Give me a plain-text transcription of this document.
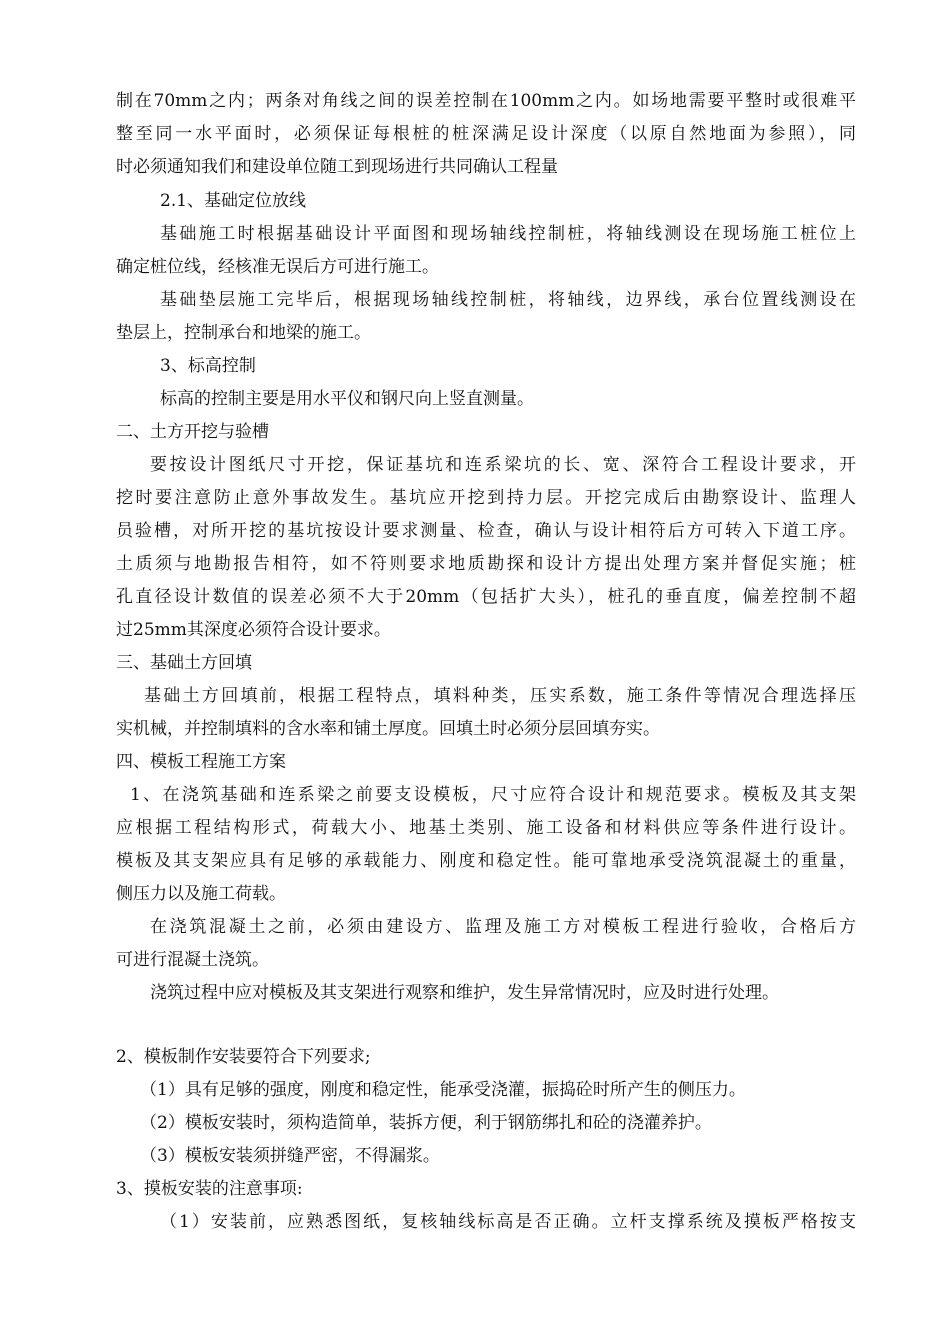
制在70mm之内；两条对角线之间的误差控制在100mm之内。如场地需要平整时或很难平
整至同一水平面时，必须保证每根桩的桩深满足设计深度（以原自然地面为参照），同
时必须通知我们和建设单位随工到现场进行共同确认工程量
2.1、基础定位放线
基础施工时根据基础设计平面图和现场轴线控制桩，将轴线测设在现场施工桩位上
确定桩位线，经核准无误后方可进行施工。
基础垫层施工完毕后，根据现场轴线控制桩，将轴线，边界线，承台位置线测设在
垫层上，控制承台和地梁的施工。
3、标高控制
标高的控制主要是用水平仪和钢尺向上竖直测量。
二、土方开挖与验槽
要按设计图纸尺寸开挖，保证基坑和连系梁坑的长、宽、深符合工程设计要求，开
挖时要注意防止意外事故发生。基坑应开挖到持力层。开挖完成后由勘察设计、监理人
员验槽，对所开挖的基坑按设计要求测量、检查，确认与设计相符后方可转入下道工序。
土质须与地勘报告相符，如不符则要求地质勘探和设计方提出处理方案并督促实施；桩
孔直径设计数值的误差必须不大于20mm（包括扩大头），桩孔的垂直度，偏差控制不超
过25mm其深度必须符合设计要求。
三、基础土方回填
基础土方回填前，根据工程特点，填料种类，压实系数，施工条件等情况合理选择压
实机械，并控制填料的含水率和铺土厚度。回填土时必须分层回填夯实。
四、模板工程施工方案
1、在浇筑基础和连系梁之前要支设模板，尺寸应符合设计和规范要求。模板及其支架
应根据工程结构形式，荷载大小、地基土类别、施工设备和材料供应等条件进行设计。
模板及其支架应具有足够的承载能力、刚度和稳定性。能可靠地承受浇筑混凝土的重量，
侧压力以及施工荷载。
在浇筑混凝土之前，必须由建设方、监理及施工方对模板工程进行验收，合格后方
可进行混凝土浇筑。
浇筑过程中应对模板及其支架进行观察和维护，发生异常情况时，应及时进行处理。
2、模板制作安装要符合下列要求;
（1）具有足够的强度，刚度和稳定性，能承受浇灌，振捣砼时所产生的侧压力。
（2）模板安装时，须构造简单，装拆方便，利于钢筋绑扎和砼的浇灌养护。
（3）模板安装须拼缝严密，不得漏浆。
3、摸板安装的注意事项:
（1）安装前，应熟悉图纸，复核轴线标高是否正确。立杆支撑系统及摸板严格按支
